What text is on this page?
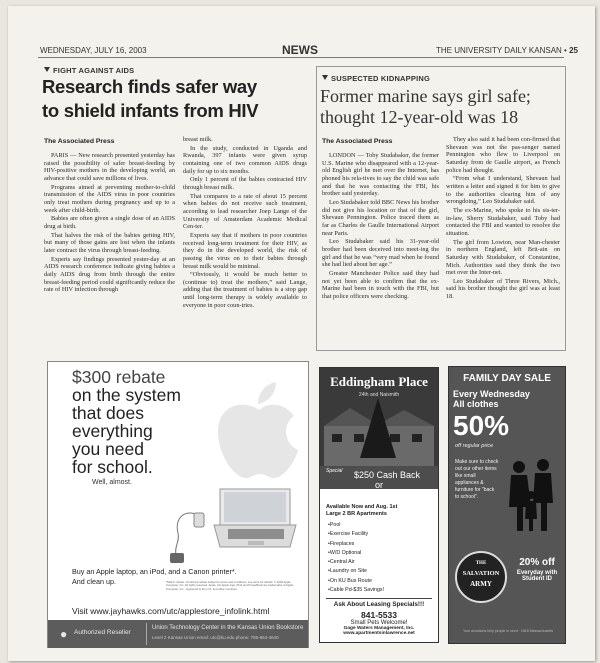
WEDNESDAY, JULY 16, 2003	NEWS	THE UNIVERSITY DAILY KANSAN • 25
FIGHT AGAINST AIDS
Research finds safer way
to shield infants from HIV
The Associated Press

PARIS — New research presented yesterday has raised the possibility of safer breast-feeding by HIV-positive mothers in the developing world, an advance that could save millions of lives.

Programs aimed at preventing mother-to-child transmission of the AIDS virus in poor countries only treat mothers during pregnancy and up to a week after child-birth.

Babies are often given a single dose of an AIDS drug at birth.

That halves the risk of the babies getting HIV, but many of those gains are lost when the infants later contract the virus through breast-feeding.

Experts say findings presented yester-day at an AIDS research conference indicate giving babies a daily AIDS drug from birth through the entire breast-feeding period could significantly reduce the rate of HIV infection through

breast milk.

In the study, conducted in Uganda and Rwanda, 397 infants were given syrup containing one of two common AIDS drugs daily for up to six months.

Only 1 percent of the babies contracted HIV through breast milk.

That compares to a rate of about 15 percent when babies do not receive such treatment, according to lead researcher Joep Lange of the University of Amsterdam Academic Medical Cen-ter.

Experts say that if mothers in poor countries received long-term treatment for their HIV, as they do in the developed world, the risk of passing the virus on to their babies through breast milk would be minimal.

“Obviously, it would be much better to (continue to) treat the mothers,” said Lange, adding that the treatment of babies is a stop gap until long-term therapy is widely available to everyone in poor coun-tries.

SUSPECTED KIDNAPPING
Former marine says girl safe;
thought 12-year-old was 18
The Associated Press

LONDON — Toby Studabaker, the former U.S. Marine who disappeared with a 12-year-old English girl he met over the Internet, has phoned his rela-tives to say the child was safe and that he was contacting the FBI, his brother said yesterday.

Leo Studabaker told BBC News his brother did not give his location or that of the girl, Shevaun Pennington. Police traced them as far as Charles de Gaulle International Airport near Paris.

Leo Studabaker said his 31-year-old brother had been deceived into meet-ing the girl and that he was “very mad when he found she had lied about her age.”

Greater Manchester Police said they had not yet been able to confirm that the ex-Marine had been in touch with the FBI, but that police officers were checking.

They also said it had been con-firmed that Shevaun was not the pas-senger named Pennington who flew to Liverpool on Saturday from de Gaulle airport, as French police had thought.

“From what I understand, Shevaun had written a letter and signed it for him to give to the authorities clearing him of any wrongdoing,” Leo Studabaker said.

The ex-Marine, who spoke to his sis-ter-in-law, Sherry Studabaker, said Toby had contacted the FBI and wanted to resolve the situation.

The girl from Lowton, near Man-chester in northern England, left Brit-ain on Saturday with Studabaker, of Constantine, Mich. Authorities said they think the two met over the Inter-net.

Leo Studabaker of Three Rivers, Mich., said his brother thought the girl was at least 18.

$300 rebate
on the system
that does
everything
you need
for school.
Well, almost.
Buy an Apple laptop, an iPod, and a Canon printer*.
And clean up.	*Mail-in rebate. Combined rebate subject to terms and conditions; see store for details. © 2003 Apple Computer, Inc. All rights reserved. Apple, the Apple logo, iPod and PowerBook are trademarks of Apple Computer, Inc., registered in the U.S. and other countries.
Visit www.jayhawks.com/utc/applestore_infolink.html
● Authorized Reseller
Union Technology Center in the Kansas Union Bookstore
Level 2 Kansas Union email: utc@ku.edu phone: 785-864-4640
Eddingham Place
24th and Naismith
Special	$250 Cash Back
or
$99 Security Deposit
Available Now and Aug. 1st
Large 2 BR Apartments
•Pool
•Exercise Facility
•Fireplaces
•W/D Optional
•Central Air
•Laundry on Site
•On KU Bus Route
•Cable Pd-$35 Savings!
Ask About Leasing Specials!!!
841-5533
Small Pets Welcome!
Gage Waters Management, Inc.
www.apartmentsinlawrence.net
FAMILY DAY SALE
Every Wednesday
All clothes
50%
off regular price
Make sure to check out our other items like small appliances & furniture for "back to school".
THE
SALVATION
ARMY
20% off
Everyday with
Student ID
Your donations help people in need · 1818 Massachusetts
